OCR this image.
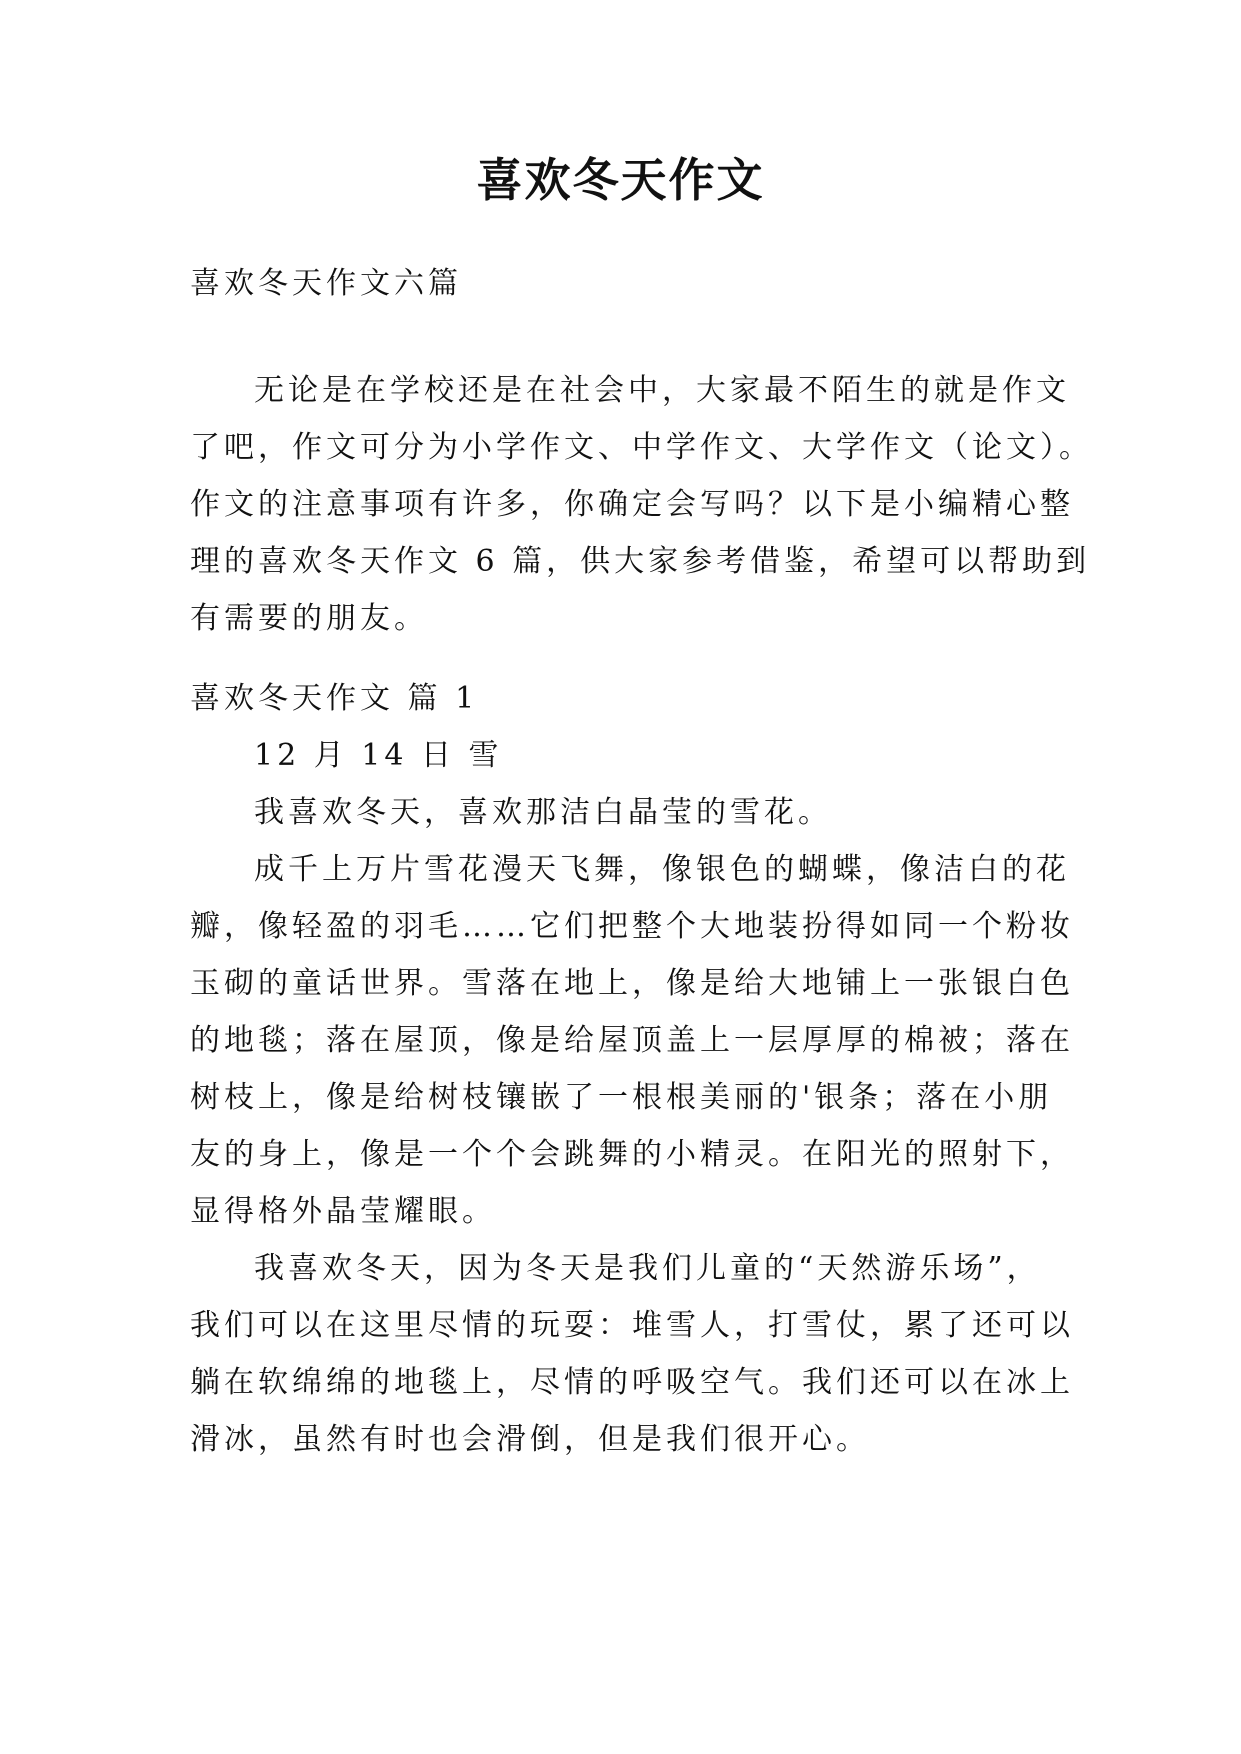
喜欢冬天作文

喜欢冬天作文六篇

无论是在学校还是在社会中，大家最不陌生的就是作文
了吧，作文可分为小学作文、中学作文、大学作文（论文）。
作文的注意事项有许多，你确定会写吗？以下是小编精心整
理的喜欢冬天作文 6 篇，供大家参考借鉴，希望可以帮助到
有需要的朋友。

喜欢冬天作文 篇 1

12 月 14 日 雪

我喜欢冬天，喜欢那洁白晶莹的雪花。
成千上万片雪花漫天飞舞，像银色的蝴蝶，像洁白的花
瓣，像轻盈的羽毛……它们把整个大地装扮得如同一个粉妆
玉砌的童话世界。雪落在地上，像是给大地铺上一张银白色
的地毯；落在屋顶，像是给屋顶盖上一层厚厚的棉被；落在
树枝上，像是给树枝镶嵌了一根根美丽的'银条；落在小朋
友的身上，像是一个个会跳舞的小精灵。在阳光的照射下，
显得格外晶莹耀眼。
我喜欢冬天，因为冬天是我们儿童的“天然游乐场”，
我们可以在这里尽情的玩耍：堆雪人，打雪仗，累了还可以
躺在软绵绵的地毯上，尽情的呼吸空气。我们还可以在冰上
滑冰，虽然有时也会滑倒，但是我们很开心。
